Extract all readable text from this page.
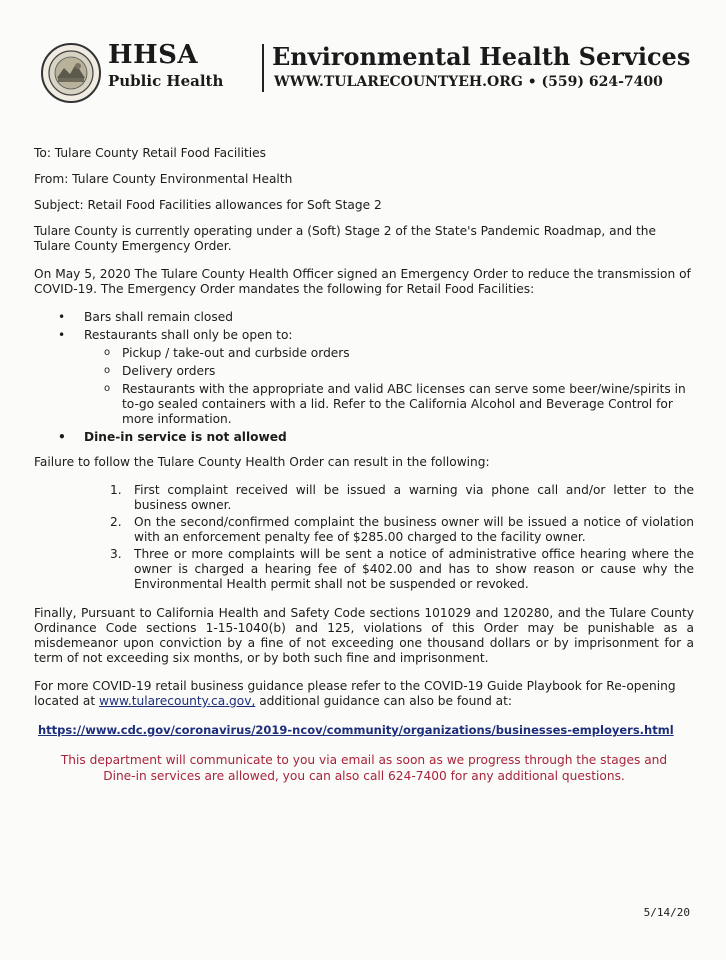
HHSA
Public Health
Environmental Health Services
WWW.TULARECOUNTYEH.ORG • (559) 624-7400
To: Tulare County Retail Food Facilities
From: Tulare County Environmental Health
Subject: Retail Food Facilities allowances for Soft Stage 2

Tulare County is currently operating under a (Soft) Stage 2 of the State's Pandemic Roadmap, and the Tulare County Emergency Order.

On May 5, 2020 The Tulare County Health Officer signed an Emergency Order to reduce the transmission of COVID-19. The Emergency Order mandates the following for Retail Food Facilities:

• Bars shall remain closed
• Restaurants shall only be open to:
o Pickup / take-out and curbside orders
o Delivery orders
o Restaurants with the appropriate and valid ABC licenses can serve some beer/wine/spirits in to-go sealed containers with a lid. Refer to the California Alcohol and Beverage Control for more information.
• Dine-in service is not allowed

Failure to follow the Tulare County Health Order can result in the following:

1. First complaint received will be issued a warning via phone call and/or letter to the business owner.
2. On the second/confirmed complaint the business owner will be issued a notice of violation with an enforcement penalty fee of $285.00 charged to the facility owner.
3. Three or more complaints will be sent a notice of administrative office hearing where the owner is charged a hearing fee of $402.00 and has to show reason or cause why the Environmental Health permit shall not be suspended or revoked.

Finally, Pursuant to California Health and Safety Code sections 101029 and 120280, and the Tulare County Ordinance Code sections 1-15-1040(b) and 125, violations of this Order may be punishable as a misdemeanor upon conviction by a fine of not exceeding one thousand dollars or by imprisonment for a term of not exceeding six months, or by both such fine and imprisonment.

For more COVID-19 retail business guidance please refer to the COVID-19 Guide Playbook for Re-opening located at www.tularecounty.ca.gov, additional guidance can also be found at:

https://www.cdc.gov/coronavirus/2019-ncov/community/organizations/businesses-employers.html

This department will communicate to you via email as soon as we progress through the stages and Dine-in services are allowed, you can also call 624-7400 for any additional questions.

5/14/20
